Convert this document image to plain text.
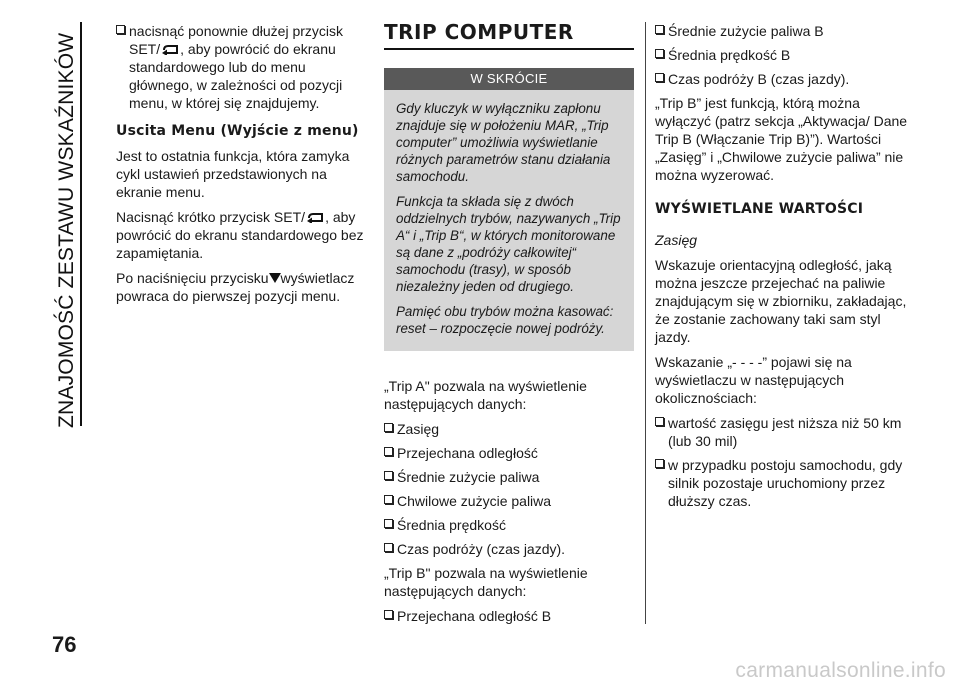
ZNAJOMOŚĆ ZESTAWU WSKAŹNIKÓW
76

nacisnąć ponownie dłużej przycisk SET/ , aby powrócić do ekranu standardowego lub do menu głównego, w zależności od pozycji menu, w której się znajdujemy.

Uscita Menu (Wyjście z menu)

Jest to ostatnia funkcja, która zamyka cykl ustawień przedstawionych na ekranie menu.

Nacisnąć krótko przycisk SET/ , aby powrócić do ekranu standardowego bez zapamiętania.

Po naciśnięciu przycisku wyświetlacz powraca do pierwszej pozycji menu.

TRIP COMPUTER
W SKRÓCIE

Gdy kluczyk w wyłączniku zapłonu znajduje się w położeniu MAR, „Trip computer” umożliwia wyświetlanie różnych parametrów stanu działania samochodu.

Funkcja ta składa się z dwóch oddzielnych trybów, nazywanych „Trip A“ i „Trip B“, w których monitorowane są dane z „podróży całkowitej“ samochodu (trasy), w sposób niezależny jeden od drugiego.

Pamięć obu trybów można kasować: reset – rozpoczęcie nowej podróży.

„Trip A" pozwala na wyświetlenie następujących danych:

Zasięg
Przejechana odległość
Średnie zużycie paliwa
Chwilowe zużycie paliwa
Średnia prędkość
Czas podróży (czas jazdy).

„Trip B" pozwala na wyświetlenie następujących danych:

Przejechana odległość B
Średnie zużycie paliwa B
Średnia prędkość B
Czas podróży B (czas jazdy).

„Trip B” jest funkcją, którą można wyłączyć (patrz sekcja „Aktywacja/ Dane Trip B (Włączanie Trip B)”). Wartości „Zasięg” i „Chwilowe zużycie paliwa” nie można wyzerować.

WYŚWIETLANE WARTOŚCI

Zasięg

Wskazuje orientacyjną odległość, jaką można jeszcze przejechać na paliwie znajdującym się w zbiorniku, zakładając, że zostanie zachowany taki sam styl jazdy.

Wskazanie „- - - -” pojawi się na wyświetlaczu w następujących okolicznościach:

wartość zasięgu jest niższa niż 50 km (lub 30 mil)
w przypadku postoju samochodu, gdy silnik pozostaje uruchomiony przez dłuższy czas.
carmanualsonline.info
